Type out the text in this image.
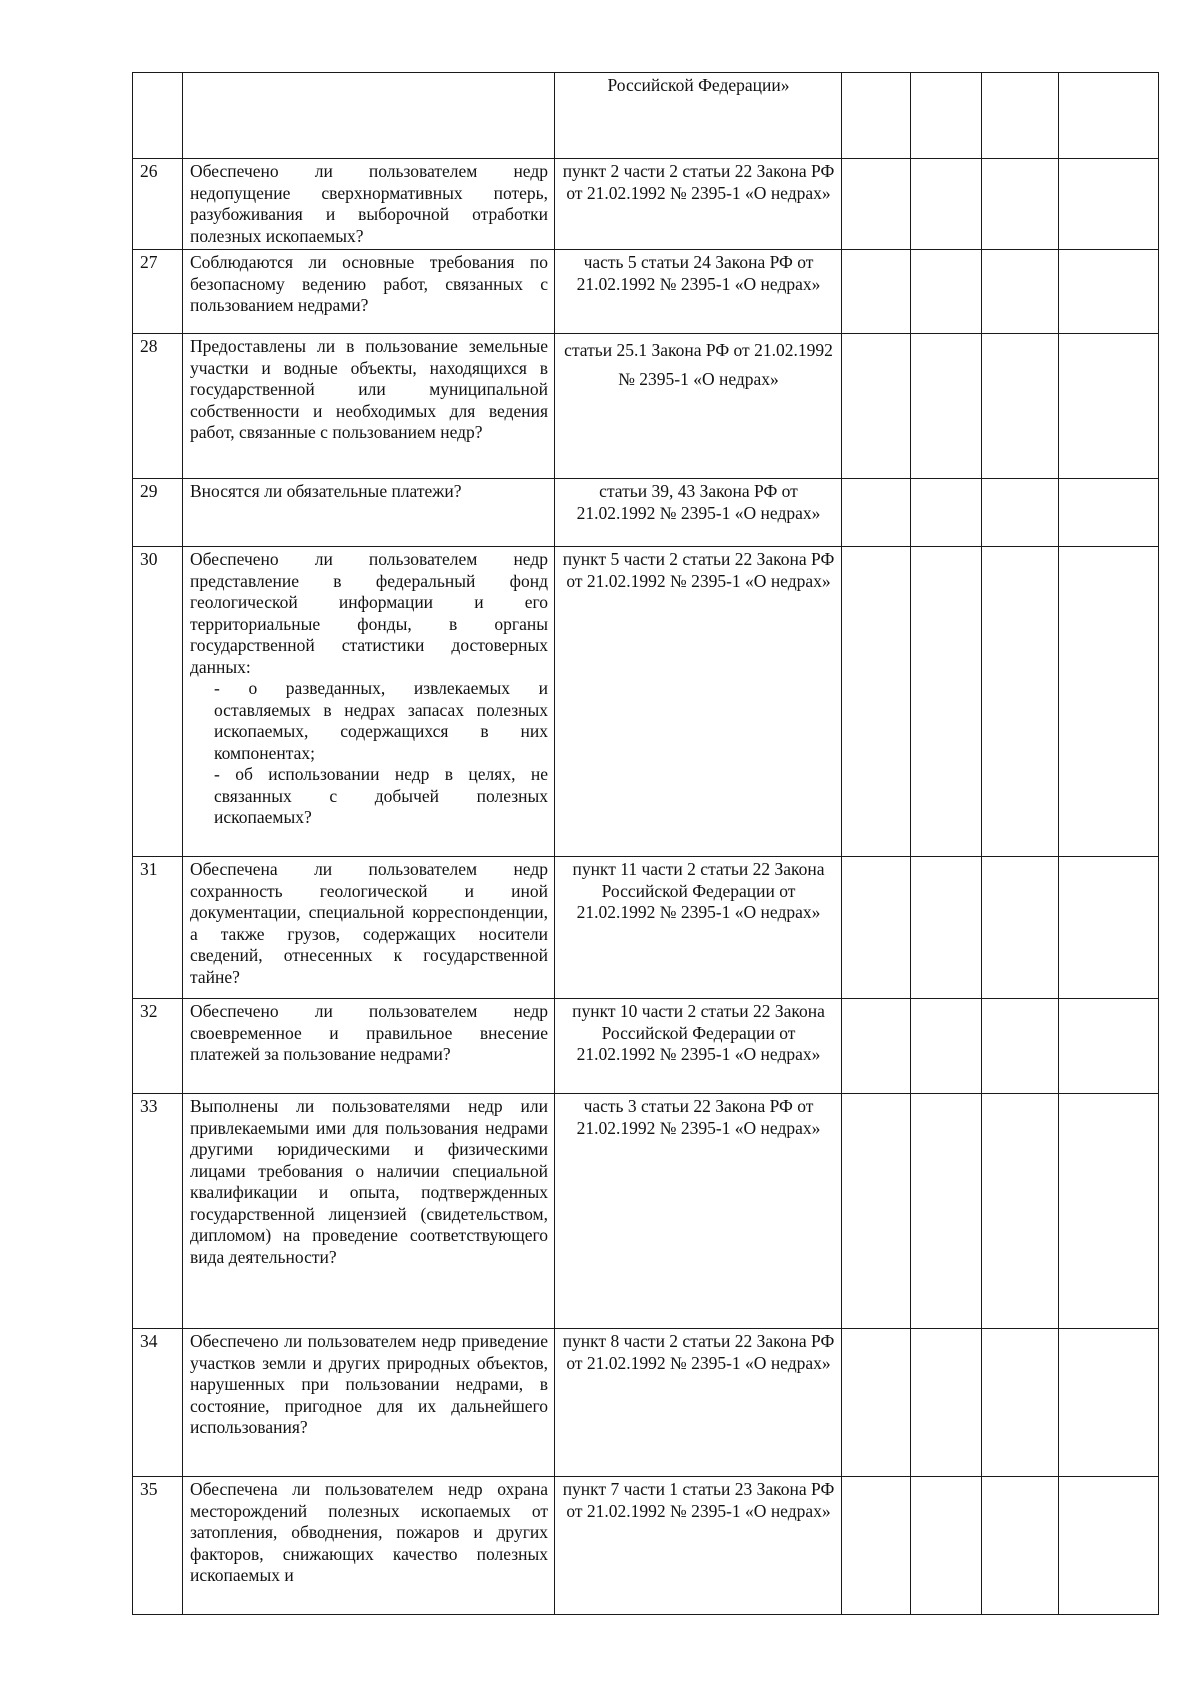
	Российской Федерации»				
26	Обеспечено ли пользователем недр недопущение сверхнормативных потерь, разубоживания и выборочной отработки полезных ископаемых?	пункт 2 части 2 статьи 22 Закона РФ от 21.02.1992 № 2395-1 «О недрах»				
27	Соблюдаются ли основные требования по безопасному ведению работ, связанных с пользованием недрами?	часть 5 статьи 24 Закона РФ от 21.02.1992 № 2395-1 «О недрах»				
28	Предоставлены ли в пользование земельные участки и водные объекты, находящихся в государственной или муниципальной собственности и необходимых для ведения работ, связанные с пользованием недр?	статьи 25.1 Закона РФ от 21.02.1992 № 2395-1 «О недрах»				
29	Вносятся ли обязательные платежи?	статьи 39, 43 Закона РФ от 21.02.1992 № 2395-1 «О недрах»				
30	Обеспечено ли пользователем недр представление в федеральный фонд геологической информации и его территориальные фонды, в органы государственной статистики достоверных данных:
- о разведанных, извлекаемых и оставляемых в недрах запасах полезных ископаемых, содержащихся в них компонентах;
- об использовании недр в целях, не связанных с добычей полезных ископаемых?	пункт 5 части 2 статьи 22 Закона РФ от 21.02.1992 № 2395-1 «О недрах»				
31	Обеспечена ли пользователем недр сохранность геологической и иной документации, специальной корреспонденции, а также грузов, содержащих носители сведений, отнесенных к государственной тайне?	пункт 11 части 2 статьи 22 Закона Российской Федерации от 21.02.1992 № 2395-1 «О недрах»				
32	Обеспечено ли пользователем недр своевременное и правильное внесение платежей за пользование недрами?	пункт 10 части 2 статьи 22 Закона Российской Федерации от 21.02.1992 № 2395-1 «О недрах»				
33	Выполнены ли пользователями недр или привлекаемыми ими для пользования недрами другими юридическими и физическими лицами требования о наличии специальной квалификации и опыта, подтвержденных государственной лицензией (свидетельством, дипломом) на проведение соответствующего вида деятельности?	часть 3 статьи 22 Закона РФ от 21.02.1992 № 2395-1 «О недрах»				
34	Обеспечено ли пользователем недр приведение участков земли и других природных объектов, нарушенных при пользовании недрами, в состояние, пригодное для их дальнейшего использования?	пункт 8 части 2 статьи 22 Закона РФ от 21.02.1992 № 2395-1 «О недрах»				
35	Обеспечена ли пользователем недр охрана месторождений полезных ископаемых от затопления, обводнения, пожаров и других факторов, снижающих качество полезных ископаемых и	пункт 7 части 1 статьи 23 Закона РФ от 21.02.1992 № 2395-1 «О недрах»				
